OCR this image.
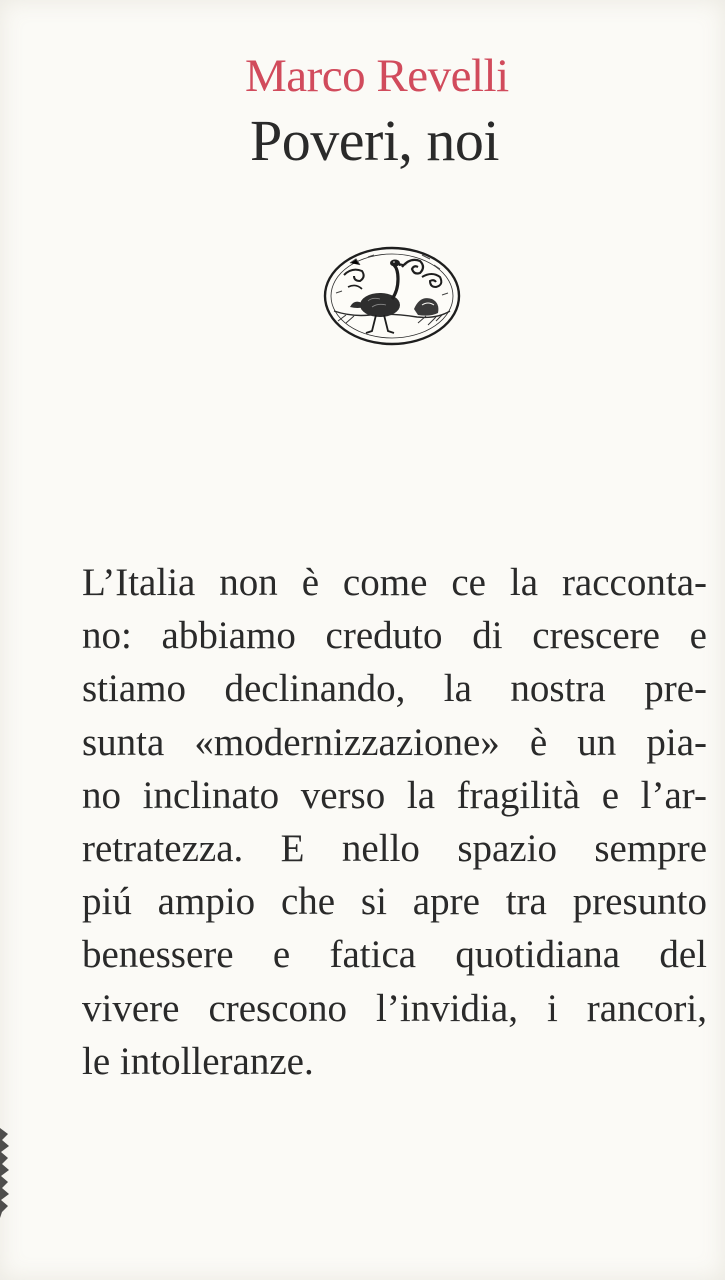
Marco Revelli
Poveri, noi
L’Italia non è come ce la racconta-
no: abbiamo creduto di crescere e
stiamo declinando, la nostra pre-
sunta «modernizzazione» è un pia-
no inclinato verso la fragilità e l’ar-
retratezza. E nello spazio sempre
piú ampio che si apre tra presunto
benessere e fatica quotidiana del
vivere crescono l’invidia, i rancori,
le intolleranze.
